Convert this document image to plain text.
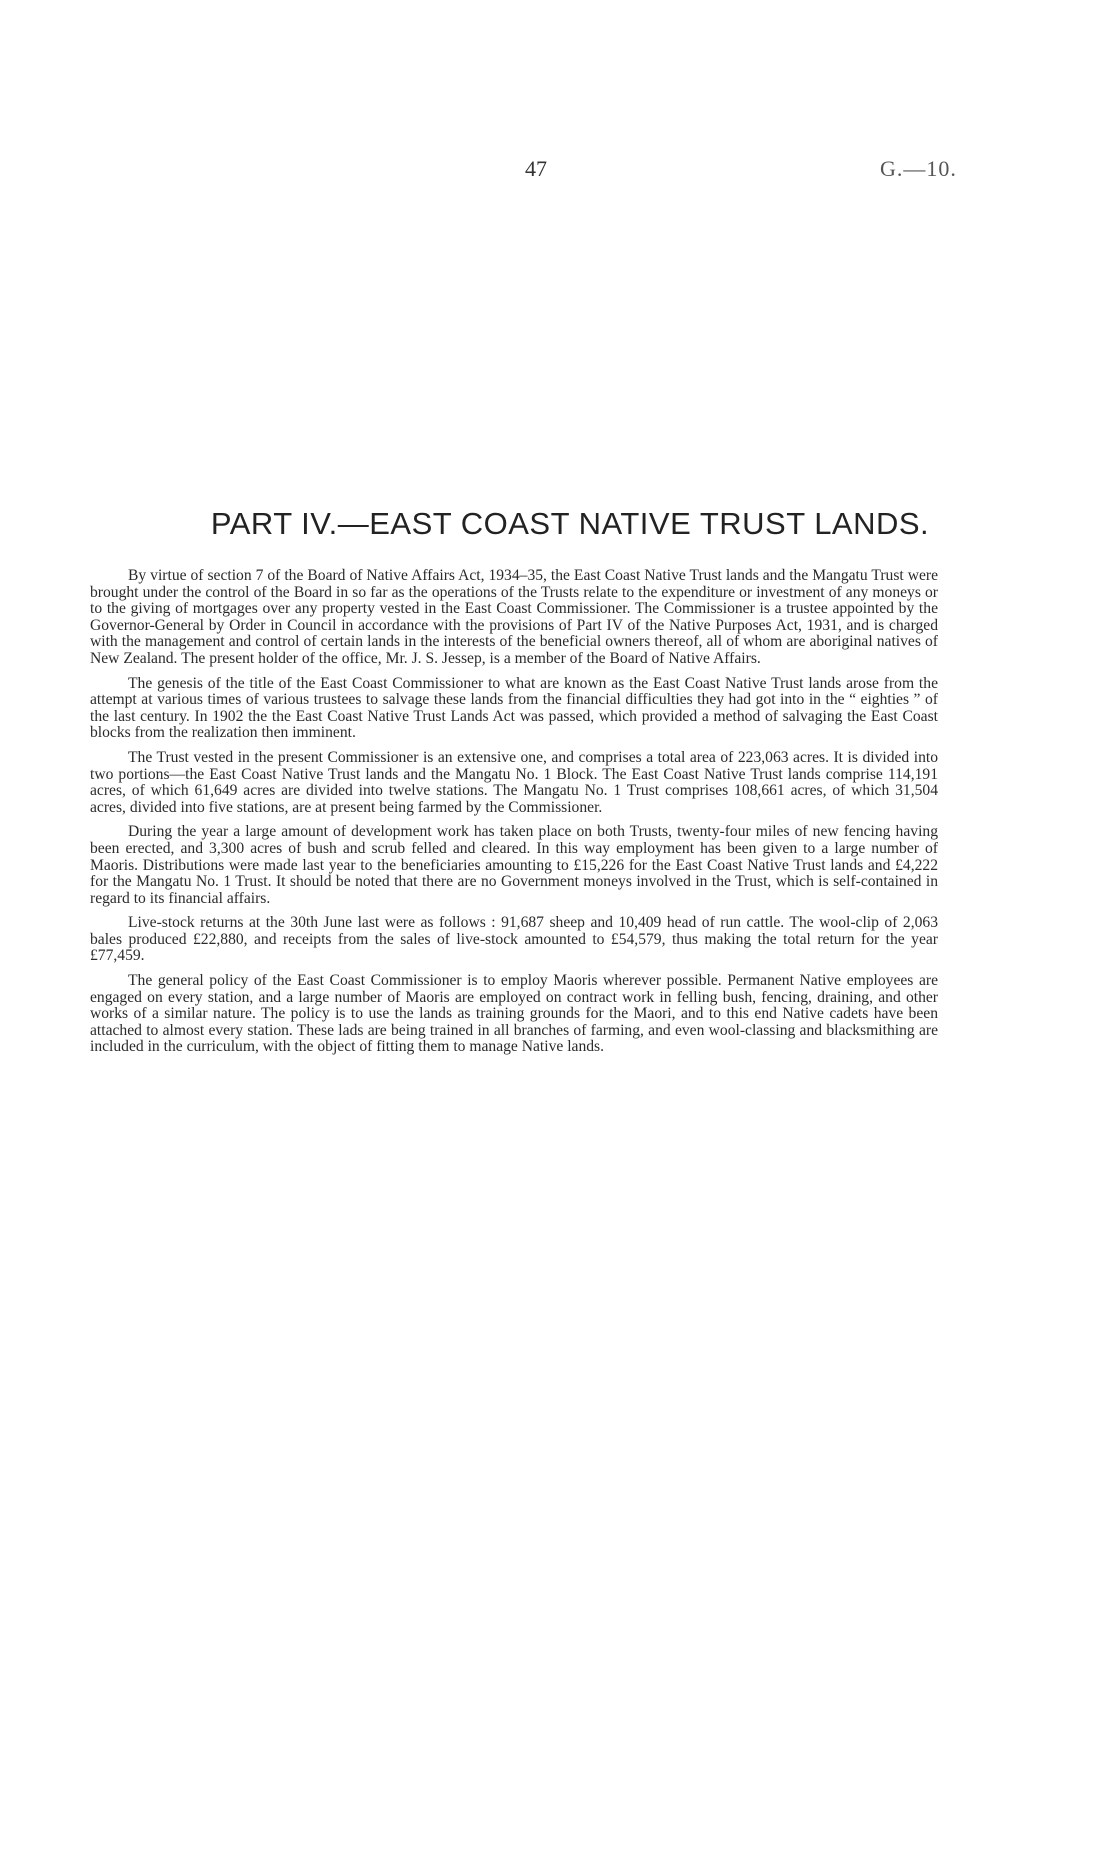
47	G.—10.
PART IV.—EAST COAST NATIVE TRUST LANDS.

By virtue of section 7 of the Board of Native Affairs Act, 1934–35, the East Coast Native Trust lands and the Mangatu Trust were brought under the control of the Board in so far as the operations of the Trusts relate to the expenditure or investment of any moneys or to the giving of mortgages over any property vested in the East Coast Commissioner. The Commissioner is a trustee appointed by the Governor-General by Order in Council in accordance with the provisions of Part IV of the Native Purposes Act, 1931, and is charged with the management and control of certain lands in the interests of the beneficial owners thereof, all of whom are aboriginal natives of New Zealand. The present holder of the office, Mr. J. S. Jessep, is a member of the Board of Native Affairs.

The genesis of the title of the East Coast Commissioner to what are known as the East Coast Native Trust lands arose from the attempt at various times of various trustees to salvage these lands from the financial difficulties they had got into in the “ eighties ” of the last century. In 1902 the the East Coast Native Trust Lands Act was passed, which provided a method of salvaging the East Coast blocks from the realization then imminent.

The Trust vested in the present Commissioner is an extensive one, and comprises a total area of 223,063 acres. It is divided into two portions—the East Coast Native Trust lands and the Mangatu No. 1 Block. The East Coast Native Trust lands comprise 114,191 acres, of which 61,649 acres are divided into twelve stations. The Mangatu No. 1 Trust comprises 108,661 acres, of which 31,504 acres, divided into five stations, are at present being farmed by the Commissioner.

During the year a large amount of development work has taken place on both Trusts, twenty-four miles of new fencing having been erected, and 3,300 acres of bush and scrub felled and cleared. In this way employment has been given to a large number of Maoris. Distributions were made last year to the beneficiaries amounting to £15,226 for the East Coast Native Trust lands and £4,222 for the Mangatu No. 1 Trust. It should be noted that there are no Government moneys involved in the Trust, which is self-contained in regard to its financial affairs.

Live-stock returns at the 30th June last were as follows : 91,687 sheep and 10,409 head of run cattle. The wool-clip of 2,063 bales produced £22,880, and receipts from the sales of live-stock amounted to £54,579, thus making the total return for the year £77,459.

The general policy of the East Coast Commissioner is to employ Maoris wherever possible. Permanent Native employees are engaged on every station, and a large number of Maoris are employed on contract work in felling bush, fencing, draining, and other works of a similar nature. The policy is to use the lands as training grounds for the Maori, and to this end Native cadets have been attached to almost every station. These lads are being trained in all branches of farming, and even wool-classing and blacksmithing are included in the curriculum, with the object of fitting them to manage Native lands.
